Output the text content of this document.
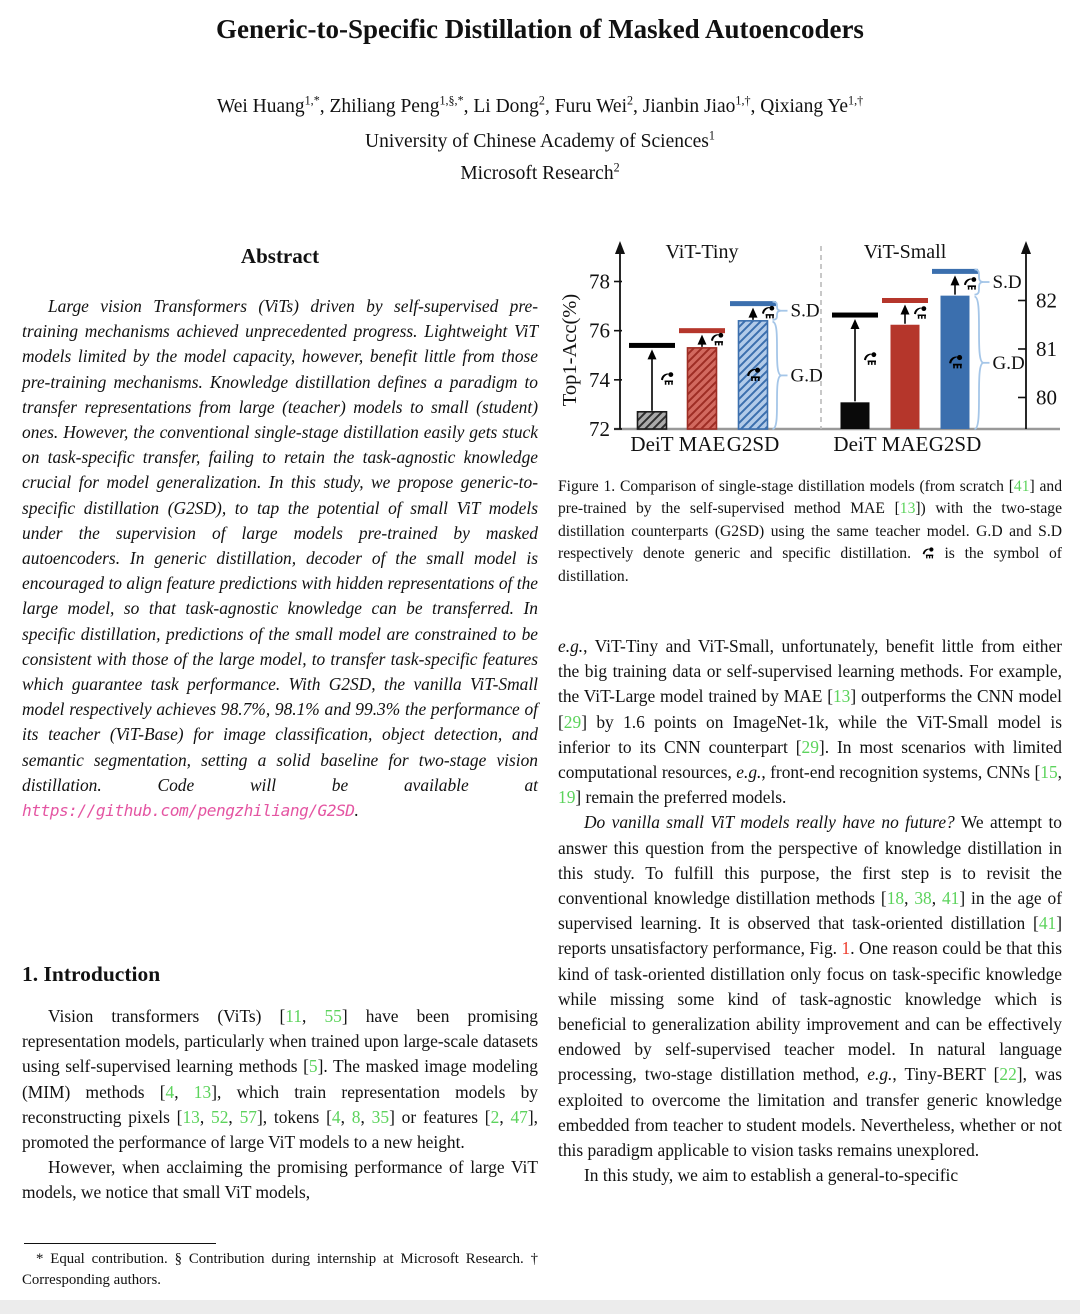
Generic-to-Specific Distillation of Masked Autoencoders
Wei Huang$^{1,*}$, Zhiliang Peng$^{1,\S,*}$, Li Dong$^2$, Furu Wei$^2$, Jianbin Jiao$^{1,\dagger}$, Qixiang $Ye^{1,\dagger}$
University of Chinese Academy of Sciences$^1$
Microsoft Research$^2$
Abstract

Large vision Transformers (ViTs) driven by self-supervised pre-training mechanisms achieved unprecedented progress. Lightweight ViT models limited by the model capacity, however, benefit little from those pre-training mechanisms. Knowledge distillation defines a paradigm to transfer representations from large (teacher) models to small (student) ones. However, the conventional single-stage distillation easily gets stuck on task-specific transfer, failing to retain the task-agnostic knowledge crucial for model generalization. In this study, we propose generic-to-specific distillation (G2SD), to tap the potential of small ViT models under the supervision of large models pre-trained by masked autoencoders. In generic distillation, decoder of the small model is encouraged to align feature predictions with hidden representations of the large model, so that task-agnostic knowledge can be transferred. In specific distillation, predictions of the small model are constrained to be consistent with those of the large model, to transfer task-specific features which guarantee task performance. With G2SD, the vanilla ViT-Small model respectively achieves 98.7%, 98.1% and 99.3% the performance of its teacher (ViT-Base) for image classification, object detection, and semantic segmentation, setting a solid baseline for two-stage vision distillation. Code will be available at https://github.com/pengzhiliang/G2SD.

1. Introduction

Vision transformers (ViTs) [11, 55] have been promising representation models, particularly when trained upon large-scale datasets using self-supervised learning methods [5]. The masked image modeling (MIM) methods [4, 13], which train representation models by reconstructing pixels [13, 52, 57], tokens [4, 8, 35] or features [2, 47], promoted the performance of large ViT models to a new height.

However, when acclaiming the promising performance of large ViT models, we notice that small ViT models,

* Equal contribution. § Contribution during internship at Microsoft Research. † Corresponding authors.

Top1-Acc(%)
ViT-Tiny
72
74
76
78
DeiT MAE
S.D
G.D
G2SD
ViT-Small
80
81
82
DeiT MAE
S.D
G.D
G2SD

Figure 1. Comparison of single-stage distillation models (from scratch [41] and pre-trained by the self-supervised method MAE [13]) with the two-stage distillation counterparts (G2SD) using the same teacher model. G.D and S.D respectively denote generic and specific distillation.  is the symbol of distillation.

e.g., ViT-Tiny and ViT-Small, unfortunately, benefit little from either the big training data or self-supervised learning methods. For example, the ViT-Large model trained by MAE [13] outperforms the CNN model [29] by 1.6 points on ImageNet-1k, while the ViT-Small model is inferior to its CNN counterpart [29]. In most scenarios with limited computational resources, e.g., front-end recognition systems, CNNs [15, 19] remain the preferred models.

Do vanilla small ViT models really have no future? We attempt to answer this question from the perspective of knowledge distillation in this study. To fulfill this purpose, the first step is to revisit the conventional knowledge distillation methods [18, 38, 41] in the age of supervised learning. It is observed that task-oriented distillation [41] reports unsatisfactory performance, Fig. 1. One reason could be that this kind of task-oriented distillation only focus on task-specific knowledge while missing some kind of task-agnostic knowledge which is beneficial to generalization ability improvement and can be effectively endowed by self-supervised teacher model. In natural language processing, two-stage distillation method, e.g., Tiny-BERT [22], was exploited to overcome the limitation and transfer generic knowledge embedded from teacher to student models. Nevertheless, whether or not this paradigm applicable to vision tasks remains unexplored.

In this study, we aim to establish a general-to-specific
